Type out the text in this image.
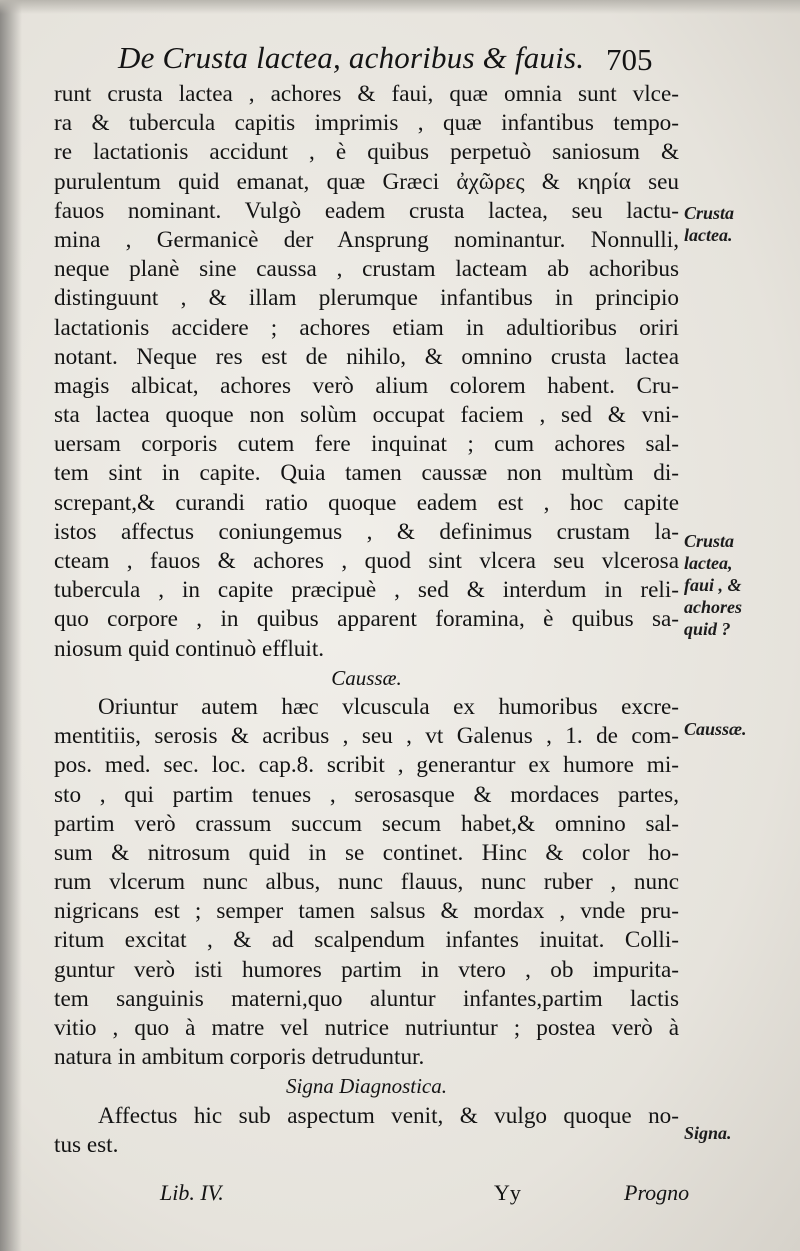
De Crusta lactea, achoribus & fauis. 705
runt crusta lactea , achores & faui, quæ omnia sunt vlce-
ra & tubercula capitis imprimis , quæ infantibus tempo-
re lactationis accidunt , è quibus perpetuò saniosum &
purulentum quid emanat, quæ Græci ἀχῶρες & κηρία seu
fauos nominant. Vulgò eadem crusta lactea, seu lactu-
mina , Germanicè der Ansprung nominantur. Nonnulli,
neque planè sine caussa , crustam lacteam ab achoribus
distinguunt , & illam plerumque infantibus in principio
lactationis accidere ; achores etiam in adultioribus oriri
notant. Neque res est de nihilo, & omnino crusta lactea
magis albicat, achores verò alium colorem habent. Cru-
sta lactea quoque non solùm occupat faciem , sed & vni-
uersam corporis cutem fere inquinat ; cum achores sal-
tem sint in capite. Quia tamen caussæ non multùm di-
screpant,& curandi ratio quoque eadem est , hoc capite
istos affectus coniungemus , & definimus crustam la-
cteam , fauos & achores , quod sint vlcera seu vlcerosa
tubercula , in capite præcipuè , sed & interdum in reli-
quo corpore , in quibus apparent foramina, è quibus sa-
niosum quid continuò effluit.
Caussæ.
Oriuntur autem hæc vlcuscula ex humoribus excre-
mentitiis, serosis & acribus , seu , vt Galenus , 1. de com-
pos. med. sec. loc. cap.8. scribit , generantur ex humore mi-
sto , qui partim tenues , serosasque & mordaces partes,
partim verò crassum succum secum habet,& omnino sal-
sum & nitrosum quid in se continet. Hinc & color ho-
rum vlcerum nunc albus, nunc flauus, nunc ruber , nunc
nigricans est ; semper tamen salsus & mordax , vnde pru-
ritum excitat , & ad scalpendum infantes inuitat. Colli-
guntur verò isti humores partim in vtero , ob impurita-
tem sanguinis materni,quo aluntur infantes,partim lactis
vitio , quo à matre vel nutrice nutriuntur ; postea verò à
natura in ambitum corporis detruduntur.
Signa Diagnostica.
Affectus hic sub aspectum venit, & vulgo quoque no-
tus est.
Crusta
lactea.
Crusta
lactea,
faui , &
achores
quid ?
Caussæ.
Signa.
Lib. IV.	Yy	Progno
